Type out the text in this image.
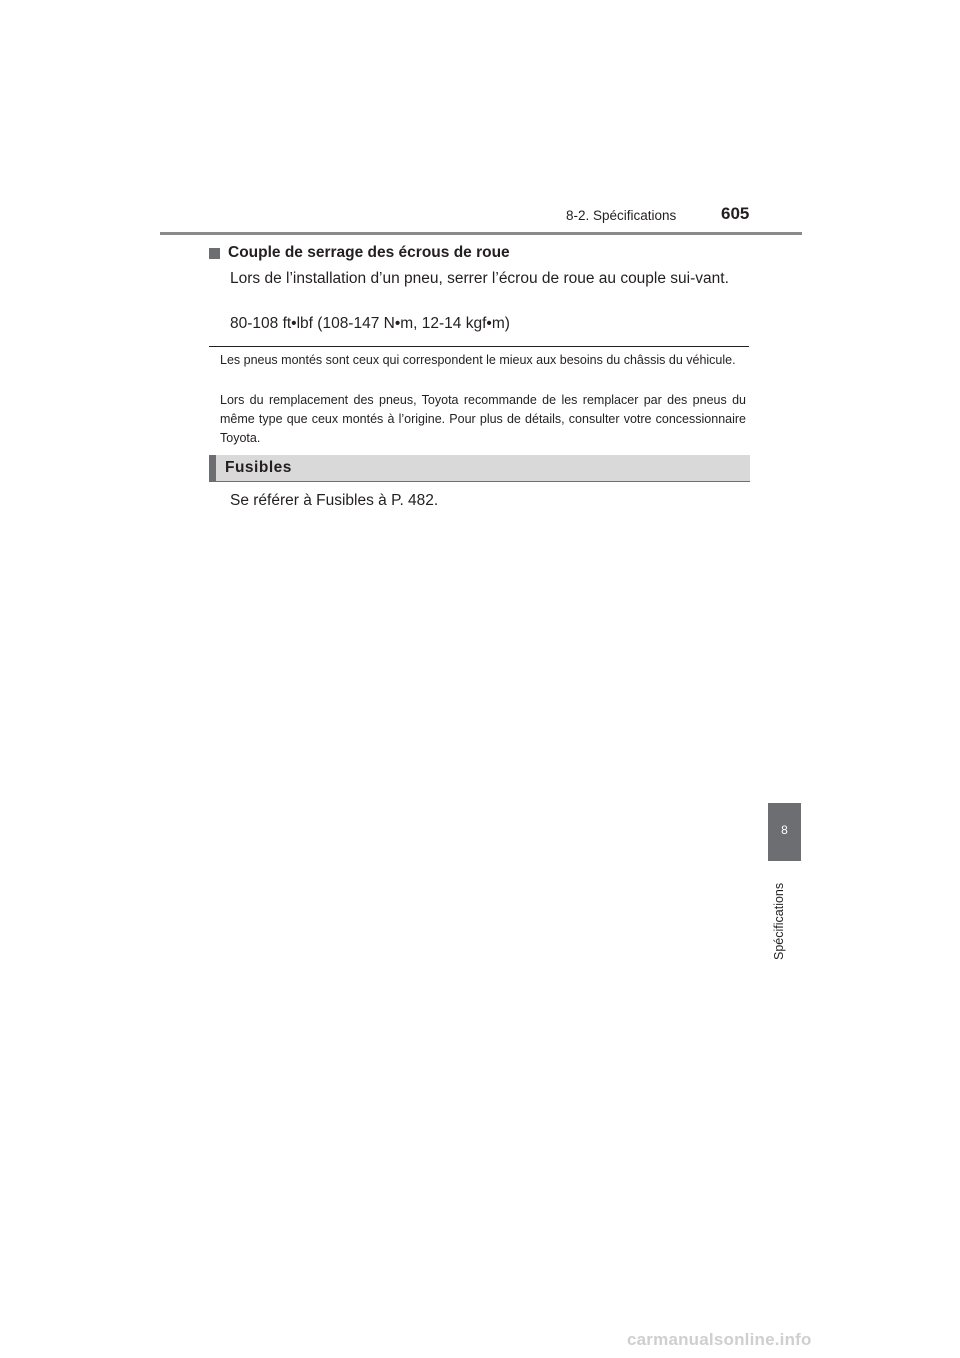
8-2. Spécifications	605
Couple de serrage des écrous de roue
Lors de l’installation d’un pneu, serrer l’écrou de roue au couple sui-vant.
80-108 ft•lbf (108-147 N•m, 12-14 kgf•m)
Les pneus montés sont ceux qui correspondent le mieux aux besoins du châssis du véhicule.
Lors du remplacement des pneus, Toyota recommande de les remplacer par des pneus du même type que ceux montés à l’origine. Pour plus de détails, consulter votre concessionnaire Toyota.
Fusibles
Se référer à Fusibles à P. 482.
8
Spécifications
carmanualsonline.info
